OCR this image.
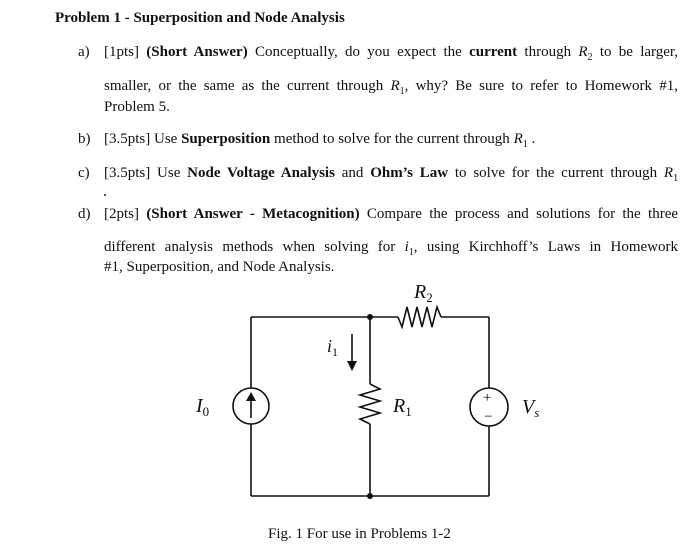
Problem 1 - Superposition and Node Analysis
a) [1pts] (Short Answer) Conceptually, do you expect the current through $R_2$ to be larger,
smaller, or the same as the current through $R_1$, why? Be sure to refer to Homework #1,
Problem 5.
b) [3.5pts] Use Superposition method to solve for the current through $R_1$ .
c) [3.5pts] Use Node Voltage Analysis and Ohm’s Law to solve for the current through $R_1$
d) [2pts] (Short Answer - Metacognition) Compare the process and solutions for the three
different analysis methods when solving for $i_1$, using Kirchhoff’s Laws in Homework
#1, Superposition, and Node Analysis.
$R_2$
$R_1$
$i_1$
$I_0$	$V_s$
+
−
Fig. 1 For use in Problems 1-2
